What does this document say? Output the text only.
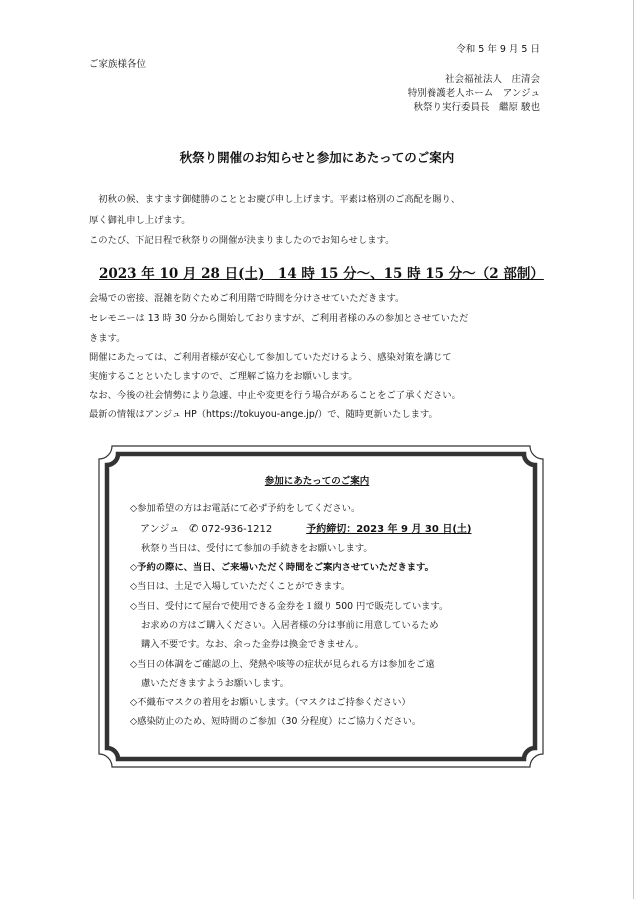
令和 5 年 9 月 5 日
ご家族様各位
社会福祉法人　庄清会
特別養護老人ホーム　アンジュ
秋祭り実行委員長　繼原 駿也
秋祭り開催のお知らせと参加にあたってのご案内
　初秋の候、ますます御健勝のこととお慶び申し上げます。平素は格別のご高配を賜り、
厚く御礼申し上げます。
このたび、下記日程で秋祭りの開催が決まりましたのでお知らせします。
2023 年 10 月 28 日(土)　14 時 15 分～、15 時 15 分～（2 部制）
会場での密接、混雑を防ぐためご利用階で時間を分けさせていただきます。
セレモニーは 13 時 30 分から開始しておりますが、ご利用者様のみの参加とさせていただ
きます。
開催にあたっては、ご利用者様が安心して参加していただけるよう、感染対策を講じて
実施することといたしますので、ご理解ご協力をお願いします。
なお、今後の社会情勢により急遽、中止や変更を行う場合があることをご了承ください。
最新の情報はアンジュ HP（https://tokuyou-ange.jp/）で、随時更新いたします。
参加にあたってのご案内
◇参加希望の方はお電話にて必ず予約をしてください。
アンジュ ✆ 072-936-1212	予約締切：2023 年 9 月 30 日(土)
秋祭り当日は、受付にて参加の手続きをお願いします。
◇予約の際に、当日、ご来場いただく時間をご案内させていただきます。
◇当日は、土足で入場していただくことができます。
◇当日、受付にて屋台で使用できる金券を１綴り 500 円で販売しています。
お求めの方はご購入ください。入居者様の分は事前に用意しているため
購入不要です。なお、余った金券は換金できません。
◇当日の体調をご確認の上、発熱や咳等の症状が見られる方は参加をご遠
慮いただきますようお願いします。
◇不織布マスクの着用をお願いします。（マスクはご持参ください）
◇感染防止のため、短時間のご参加（30 分程度）にご協力ください。
